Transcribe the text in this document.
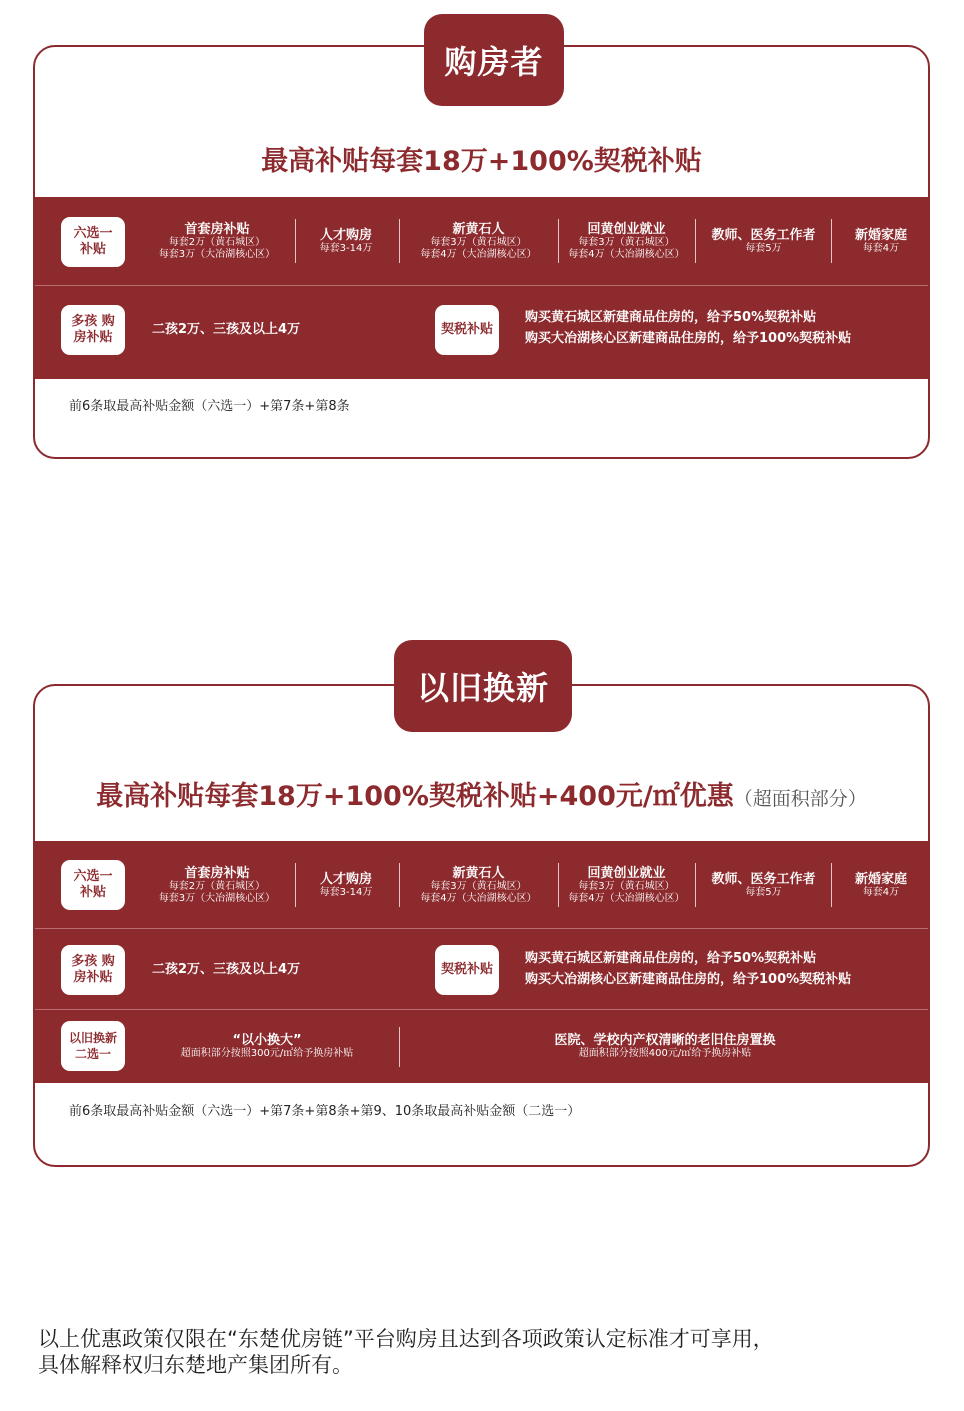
最高补贴每套18万+100%契税补贴
六选一 补贴
首套房补贴
每套2万（黄石城区）
每套3万（大冶湖核心区）
人才购房
每套3-14万
新黄石人
每套3万（黄石城区）
每套4万（大冶湖核心区）
回黄创业就业
每套3万（黄石城区）
每套4万（大冶湖核心区）
教师、医务工作者
每套5万
新婚家庭
每套4万
多孩 购房补贴
二孩2万、三孩及以上4万	契税补贴
购买黄石城区新建商品住房的，给予50%契税补贴
购买大冶湖核心区新建商品住房的，给予100%契税补贴
前6条取最高补贴金额（六选一）+第7条+第8条
购房者
最高补贴每套18万+100%契税补贴+400元/㎡优惠（超面积部分）
六选一 补贴
首套房补贴
每套2万（黄石城区）
每套3万（大冶湖核心区）
人才购房
每套3-14万
新黄石人
每套3万（黄石城区）
每套4万（大冶湖核心区）
回黄创业就业
每套3万（黄石城区）
每套4万（大冶湖核心区）
教师、医务工作者
每套5万
新婚家庭
每套4万
多孩 购房补贴
二孩2万、三孩及以上4万	契税补贴
购买黄石城区新建商品住房的，给予50%契税补贴
购买大冶湖核心区新建商品住房的，给予100%契税补贴
以旧换新 二选一
“以小换大”
超面积部分按照300元/㎡给予换房补贴
医院、学校内产权清晰的老旧住房置换
超面积部分按照400元/㎡给予换房补贴
前6条取最高补贴金额（六选一）+第7条+第8条+第9、10条取最高补贴金额（二选一）
以旧换新
以上优惠政策仅限在“东楚优房链”平台购房且达到各项政策认定标准才可享用，
具体解释权归东楚地产集团所有。
